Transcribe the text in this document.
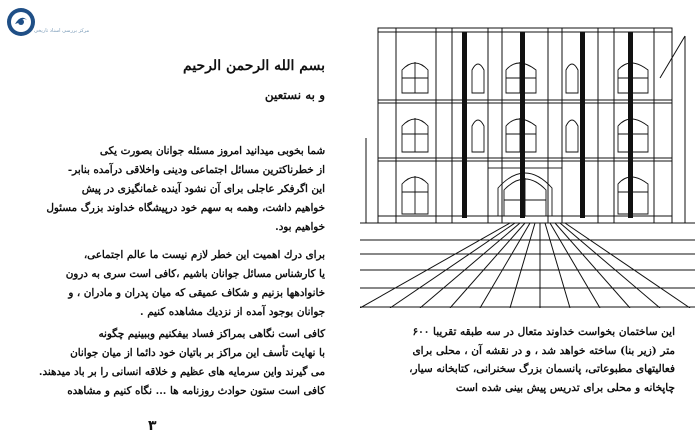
مرکز بررسی اسناد تاریخی
بسم الله الرحمن الرحیم
و به نستعین

شما بخوبی میدانید امروز مسئله جوانان بصورت یکی
از خطرناکترین مسائل اجتماعی ودینی واخلاقی درآمده بنابر-
این اگرفکر عاجلی برای آن نشود آینده غمانگیزی در پیش
خواهیم داشت، وهمه به سهم خود درپیشگاه خداوند بزرگ مسئول
خواهیم بود.

برای درك اهمیت این خطر لازم نیست ما عالم اجتماعی،
یا کارشناس مسائل جوانان باشیم ،کافی است سری به درون
خانوادهها بزنیم و شکاف عمیقی که میان پدران و مادران ، و
جوانان بوجود آمده از نزدیك مشاهده کنیم .

کافی است نگاهی بمراکز فساد بیفکنیم وببینیم چگونه
با نهایت تأسف این مراکز بر باتیان خود دائما از میان جوانان
می گیرند واین سرمایه های عظیم و خلاقه انسانی را بر باد میدهند.
کافی است ستون حوادث روزنامه ها ... نگاه کنیم و مشاهده

۳
این ساختمان بخواست خداوند متعال در سه طبقه تقریبا ۶۰۰
متر (زیر بنا) ساخته خواهد شد ، و در نقشه آن ، محلی برای
فعالیتهای مطبوعاتی، پانسمان بزرگ سخنرانی، کتابخانه سیار،
چاپخانه و محلی برای تدریس پیش بینی شده است
